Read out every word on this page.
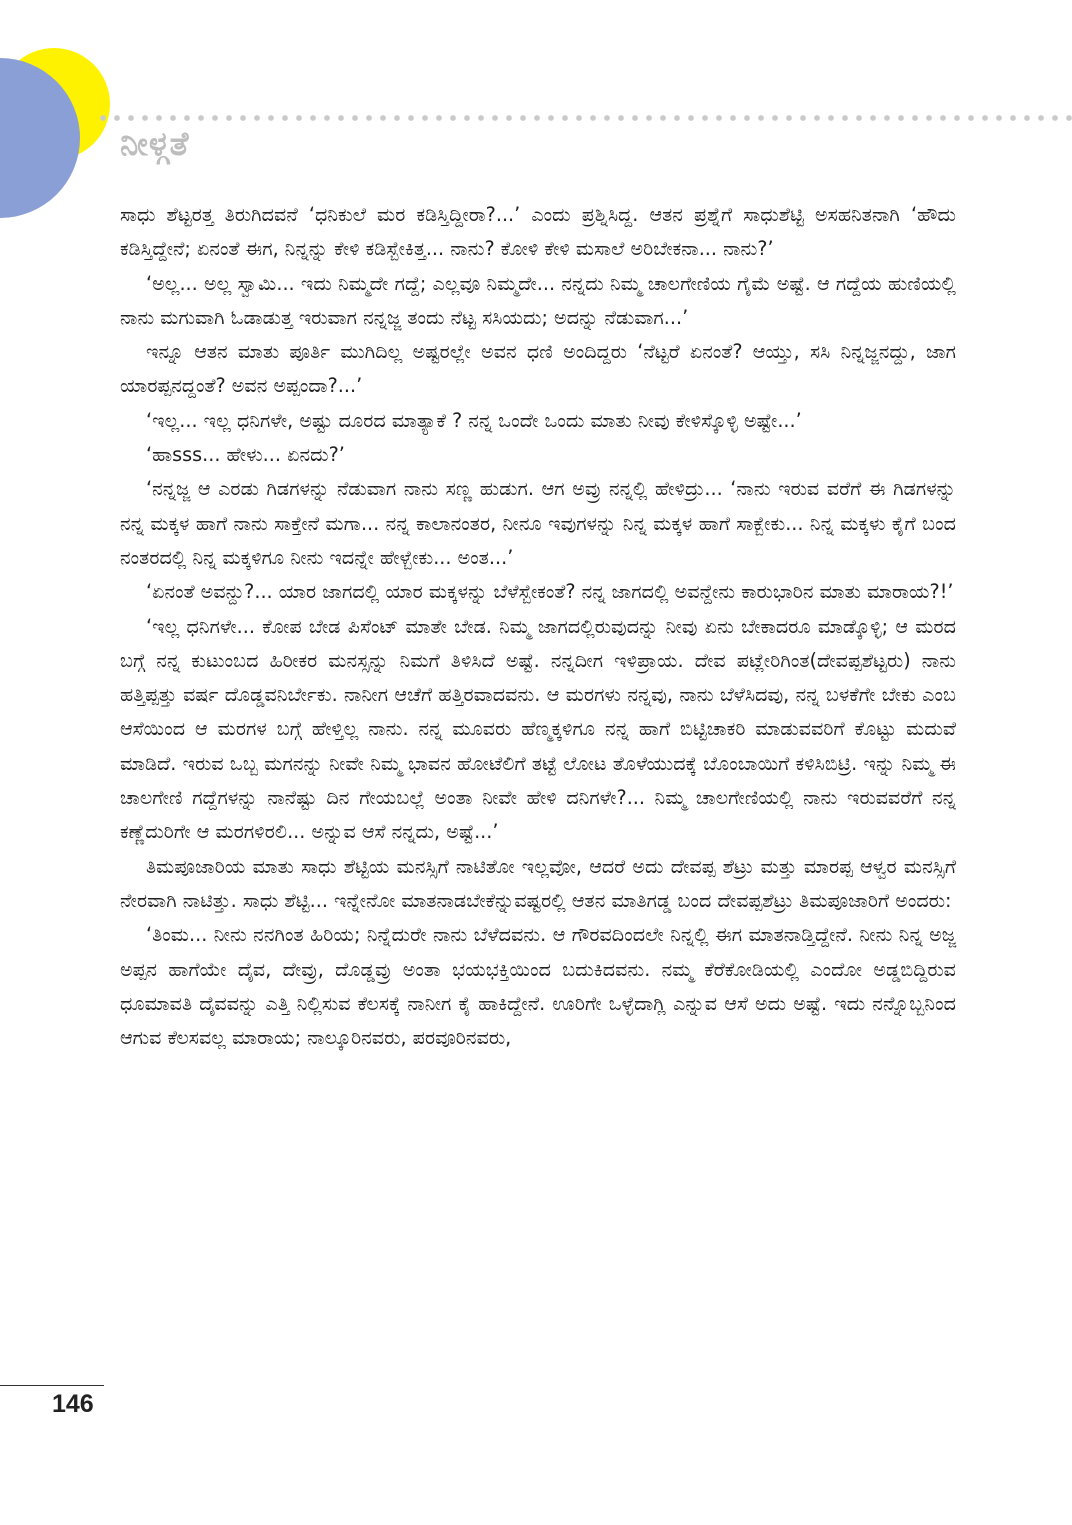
ನೀಳ್ಗತೆ

ಸಾಧು ಶೆಟ್ಟರತ್ತ ತಿರುಗಿದವನೆ ‘ಧನಿಕುಲೆ ಮರ ಕಡಿಸ್ತಿದ್ದೀರಾ?...’ ಎಂದು ಪ್ರಶ್ನಿಸಿದ್ದ. ಆತನ ಪ್ರಶ್ನೆಗೆ ಸಾಧುಶೆಟ್ಟಿ ಅಸಹನಿತನಾಗಿ ‘ಹೌದು ಕಡಿಸ್ತಿದ್ದೇನೆ; ಏನಂತೆ ಈಗ, ನಿನ್ನನ್ನು ಕೇಳಿ ಕಡಿಸ್ಬೇಕಿತ್ತ... ನಾನು? ಕೋಳಿ ಕೇಳಿ ಮಸಾಲೆ ಅರಿಬೇಕನಾ... ನಾನು?’

‘ಅಲ್ಲ... ಅಲ್ಲ ಸ್ವಾಮಿ... ಇದು ನಿಮ್ಮದೇ ಗದ್ದೆ; ಎಲ್ಲವೂ ನಿಮ್ಮದೇ... ನನ್ನದು ನಿಮ್ಮ ಚಾಲಗೇಣಿಯ ಗೈಮೆ ಅಷ್ಟೆ. ಆ ಗದ್ದೆಯ ಹುಣಿಯಲ್ಲಿ ನಾನು ಮಗುವಾಗಿ ಓಡಾಡುತ್ತ ಇರುವಾಗ ನನ್ನಜ್ಜ ತಂದು ನೆಟ್ಟ ಸಸಿಯದು; ಅದನ್ನು ನೆಡುವಾಗ...’

ಇನ್ನೂ ಆತನ ಮಾತು ಪೂರ್ತಿ ಮುಗಿದಿಲ್ಲ ಅಷ್ಟರಲ್ಲೇ ಅವನ ಧಣಿ ಅಂದಿದ್ದರು ‘ನೆಟ್ಟರೆ ಏನಂತೆ? ಆಯ್ತು, ಸಸಿ ನಿನ್ನಜ್ಜನದ್ದು, ಜಾಗ ಯಾರಪ್ಪನದ್ದಂತೆ? ಅವನ ಅಪ್ಪಂದಾ?...’

‘ಇಲ್ಲ... ಇಲ್ಲ ಧನಿಗಳೇ, ಅಷ್ಟು ದೂರದ ಮಾತ್ಯಾಕೆ ? ನನ್ನ ಒಂದೇ ಒಂದು ಮಾತು ನೀವು ಕೇಳಿಸ್ಕೊಳ್ಳಿ ಅಷ್ಟೇ...’

‘ಹಾsss... ಹೇಳು... ಏನದು?’

‘ನನ್ನಜ್ಜ ಆ ಎರಡು ಗಿಡಗಳನ್ನು ನೆಡುವಾಗ ನಾನು ಸಣ್ಣ ಹುಡುಗ. ಆಗ ಅವ್ರು ನನ್ನಲ್ಲಿ ಹೇಳಿದ್ರು... ‘ನಾನು ಇರುವ ವರೆಗೆ ಈ ಗಿಡಗಳನ್ನು ನನ್ನ ಮಕ್ಕಳ ಹಾಗೆ ನಾನು ಸಾಕ್ತೇನೆ ಮಗಾ... ನನ್ನ ಕಾಲಾನಂತರ, ನೀನೂ ಇವುಗಳನ್ನು ನಿನ್ನ ಮಕ್ಕಳ ಹಾಗೆ ಸಾಕ್ಬೇಕು... ನಿನ್ನ ಮಕ್ಕಳು ಕೈಗೆ ಬಂದ ನಂತರದಲ್ಲಿ ನಿನ್ನ ಮಕ್ಕಳಿಗೂ ನೀನು ಇದನ್ನೇ ಹೇಳ್ಬೇಕು... ಅಂತ...’

‘ಏನಂತೆ ಅವನ್ದು?... ಯಾರ ಜಾಗದಲ್ಲಿ ಯಾರ ಮಕ್ಕಳನ್ನು ಬೆಳೆಸ್ಬೇಕಂತೆ? ನನ್ನ ಜಾಗದಲ್ಲಿ ಅವನ್ದೇನು ಕಾರುಭಾರಿನ ಮಾತು ಮಾರಾಯ?!’

‘ಇಲ್ಲ ಧನಿಗಳೇ... ಕೋಪ ಬೇಡ ಪಿಸೆಂಟ್ ಮಾತೇ ಬೇಡ. ನಿಮ್ಮ ಜಾಗದಲ್ಲಿರುವುದನ್ನು ನೀವು ಏನು ಬೇಕಾದರೂ ಮಾಡ್ಕೊಳ್ಳಿ; ಆ ಮರದ ಬಗ್ಗೆ ನನ್ನ ಕುಟುಂಬದ ಹಿರೀಕರ ಮನಸ್ಸನ್ನು ನಿಮಗೆ ತಿಳಿಸಿದೆ ಅಷ್ಟೆ. ನನ್ನದೀಗ ಇಳಿಪ್ರಾಯ. ದೇವ ಪಟ್ಲೇರಿಗಿಂತ(ದೇವಪ್ಪಶೆಟ್ಟರು) ನಾನು ಹತ್ತಿಪ್ಪತ್ತು ವರ್ಷ ದೊಡ್ಡವನಿರ್ಬೇಕು. ನಾನೀಗ ಆಚೆಗೆ ಹತ್ತಿರವಾದವನು. ಆ ಮರಗಳು ನನ್ನವು, ನಾನು ಬೆಳೆಸಿದವು, ನನ್ನ ಬಳಕೆಗೇ ಬೇಕು ಎಂಬ ಆಸೆಯಿಂದ ಆ ಮರಗಳ ಬಗ್ಗೆ ಹೇಳ್ತಿಲ್ಲ ನಾನು. ನನ್ನ ಮೂವರು ಹೆಣ್ಮಕ್ಕಳಿಗೂ ನನ್ನ ಹಾಗೆ ಬಿಟ್ಟಿಚಾಕರಿ ಮಾಡುವವರಿಗೆ ಕೊಟ್ಟು ಮದುವೆ ಮಾಡಿದೆ. ಇರುವ ಒಬ್ಬ ಮಗನನ್ನು ನೀವೇ ನಿಮ್ಮ ಭಾವನ ಹೋಟೆಲಿಗೆ ತಟ್ಟೆ ಲೋಟ ತೊಳೆಯುದಕ್ಕೆ ಬೊಂಬಾಯಿಗೆ ಕಳಿಸಿಬಿಟ್ರಿ. ಇನ್ನು ನಿಮ್ಮ ಈ ಚಾಲಗೇಣಿ ಗದ್ದೆಗಳನ್ನು ನಾನೆಷ್ಟು ದಿನ ಗೇಯಬಲ್ಲೆ ಅಂತಾ ನೀವೇ ಹೇಳಿ ದನಿಗಳೇ?... ನಿಮ್ಮ ಚಾಲಗೇಣಿಯಲ್ಲಿ ನಾನು ಇರುವವರೆಗೆ ನನ್ನ ಕಣ್ಣೆದುರಿಗೇ ಆ ಮರಗಳಿರಲಿ... ಅನ್ನುವ ಆಸೆ ನನ್ನದು, ಅಷ್ಟೆ...’

ತಿಮಪೂಜಾರಿಯ ಮಾತು ಸಾಧು ಶೆಟ್ಟಿಯ ಮನಸ್ಸಿಗೆ ನಾಟಿತೋ ಇಲ್ಲವೋ, ಆದರೆ ಅದು ದೇವಪ್ಪ ಶೆಟ್ರು ಮತ್ತು ಮಾರಪ್ಪ ಆಳ್ವರ ಮನಸ್ಸಿಗೆ ನೇರವಾಗಿ ನಾಟಿತ್ತು. ಸಾಧು ಶೆಟ್ಟಿ... ಇನ್ನೇನೋ ಮಾತನಾಡಬೇಕೆನ್ನುವಷ್ಟರಲ್ಲಿ ಆತನ ಮಾತಿಗಡ್ಡ ಬಂದ ದೇವಪ್ಪಶೆಟ್ರು ತಿಮಪೂಜಾರಿಗೆ ಅಂದರು:

‘ತಿಂಮ... ನೀನು ನನಗಿಂತ ಹಿರಿಯ; ನಿನ್ನೆದುರೇ ನಾನು ಬೆಳೆದವನು. ಆ ಗೌರವದಿಂದಲೇ ನಿನ್ನಲ್ಲಿ ಈಗ ಮಾತನಾಡ್ತಿದ್ದೇನೆ. ನೀನು ನಿನ್ನ ಅಜ್ಜ ಅಪ್ಪನ ಹಾಗೆಯೇ ದೈವ, ದೇವ್ರು, ದೊಡ್ಡವ್ರು ಅಂತಾ ಭಯಭಕ್ತಿಯಿಂದ ಬದುಕಿದವನು. ನಮ್ಮ ಕೆರೆಕೋಡಿಯಲ್ಲಿ ಎಂದೋ ಅಡ್ಡಬಿದ್ದಿರುವ ಧೂಮಾವತಿ ದೈವವನ್ನು ಎತ್ತಿ ನಿಲ್ಲಿಸುವ ಕೆಲಸಕ್ಕೆ ನಾನೀಗ ಕೈ ಹಾಕಿದ್ದೇನೆ. ಊರಿಗೇ ಒಳ್ಳೆದಾಗ್ಲಿ ಎನ್ನುವ ಆಸೆ ಅದು ಅಷ್ಟೆ. ಇದು ನನ್ನೊಬ್ಬನಿಂದ ಆಗುವ ಕೆಲಸವಲ್ಲ ಮಾರಾಯ; ನಾಲ್ಕೂರಿನವರು, ಪರವೂರಿನವರು,

146
